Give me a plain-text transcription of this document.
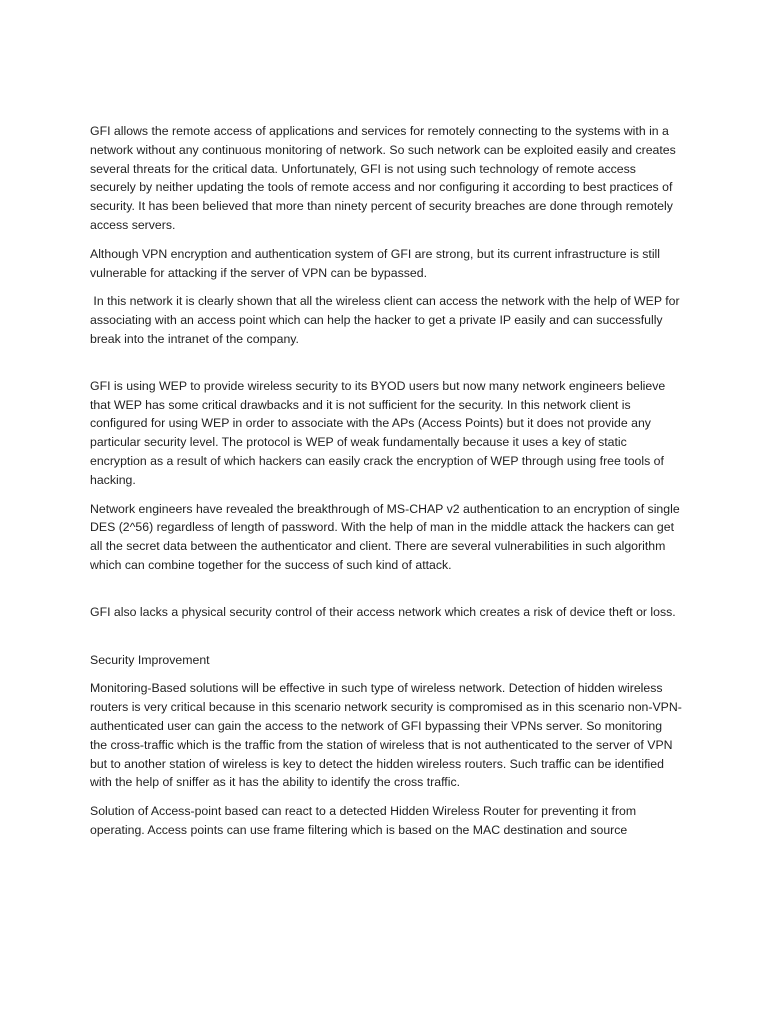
GFI allows the remote access of applications and services for remotely connecting to the systems with in a network without any continuous monitoring of network. So such network can be exploited easily and creates several threats for the critical data. Unfortunately, GFI is not using such technology of remote access securely by neither updating the tools of remote access and nor configuring it according to best practices of security. It has been believed that more than ninety percent of security breaches are done through remotely access servers.

Although VPN encryption and authentication system of GFI are strong, but its current infrastructure is still vulnerable for attacking if the server of VPN can be bypassed.

In this network it is clearly shown that all the wireless client can access the network with the help of WEP for associating with an access point which can help the hacker to get a private IP easily and can successfully break into the intranet of the company.

GFI is using WEP to provide wireless security to its BYOD users but now many network engineers believe that WEP has some critical drawbacks and it is not sufficient for the security. In this network client is configured for using WEP in order to associate with the APs (Access Points) but it does not provide any particular security level. The protocol is WEP of weak fundamentally because it uses a key of static encryption as a result of which hackers can easily crack the encryption of WEP through using free tools of hacking.

Network engineers have revealed the breakthrough of MS-CHAP v2 authentication to an encryption of single DES (2^56) regardless of length of password. With the help of man in the middle attack the hackers can get all the secret data between the authenticator and client. There are several vulnerabilities in such algorithm which can combine together for the success of such kind of attack.

GFI also lacks a physical security control of their access network which creates a risk of device theft or loss.

Security Improvement

Monitoring-Based solutions will be effective in such type of wireless network. Detection of hidden wireless routers is very critical because in this scenario network security is compromised as in this scenario non-VPN-authenticated user can gain the access to the network of GFI bypassing their VPNs server. So monitoring the cross-traffic which is the traffic from the station of wireless that is not authenticated to the server of VPN but to another station of wireless is key to detect the hidden wireless routers. Such traffic can be identified with the help of sniffer as it has the ability to identify the cross traffic.

Solution of Access-point based can react to a detected Hidden Wireless Router for preventing it from operating. Access points can use frame filtering which is based on the MAC destination and source
